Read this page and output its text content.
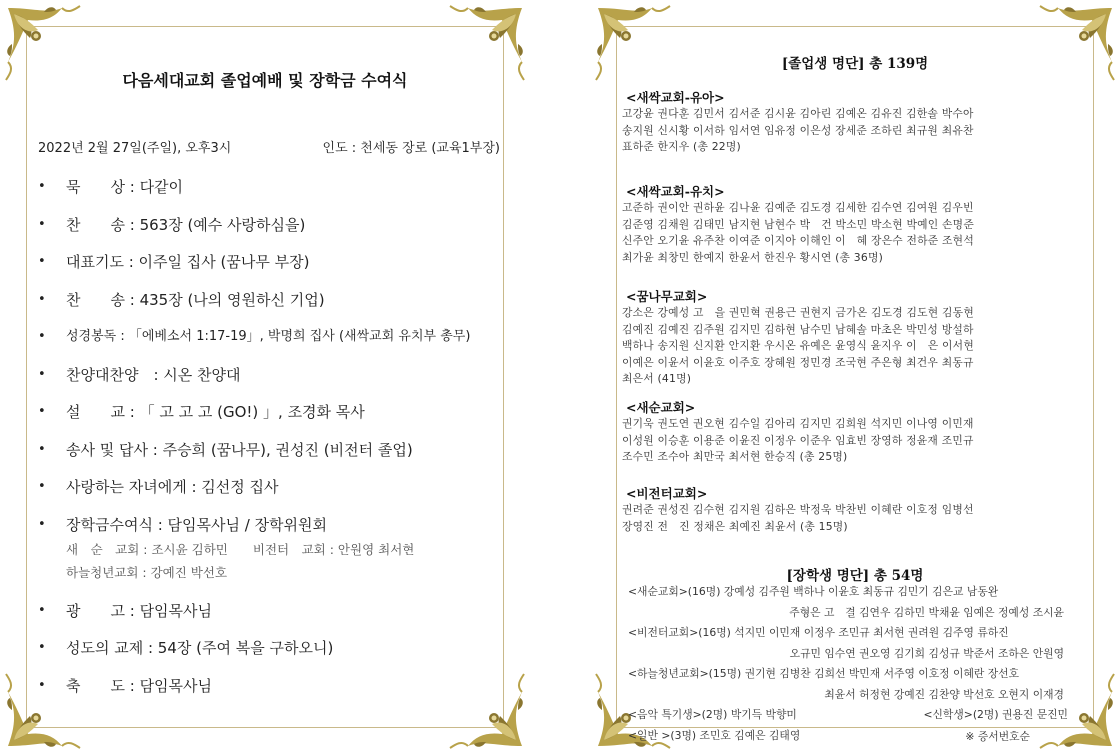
다음세대교회 졸업예배 및 장학금 수여식
2022년 2월 27일(주일), 오후3시	인도 : 천세동 장로 (교육1부장)
• 묵　　상 : 다같이
• 찬　　송 : 563장 (예수 사랑하심을)
• 대표기도 : 이주일 집사 (꿈나무 부장)
• 찬　　송 : 435장 (나의 영원하신 기업)
• 성경봉독 : 「에베소서 1:17-19」, 박명희 집사 (새싹교회 유치부 총무)
• 찬양대찬양　: 시온 찬양대
• 설　　교 : 「 고 고 고 (GO!) 」, 조경화 목사
• 송사 및 답사 : 주승희 (꿈나무), 권성진 (비전터 졸업)
• 사랑하는 자녀에게 : 김선정 집사
• 장학금수여식 : 담임목사님 / 장학위원회
새　순　교회 : 조시윤 김하민　　비전터　교회 : 안원영 최서현
하늘청년교회 : 강예진 박선호
• 광　　고 : 담임목사님
• 성도의 교제 : 54장 (주여 복을 구하오니)
• 축　　도 : 담임목사님
[졸업생 명단] 총 139명
<새싹교회-유아>
고강윤 권다훈 김민서 김서준 김시윤 김아린 김예온 김유진 김한솔 박수아
송지원 신시황 이서하 임서연 임유정 이은성 장세준 조하린 최규원 최유찬
표하준 한지우 (총 22명)
<새싹교회-유치>
고준하 권이안 권하윤 김나윤 김예준 김도경 김세한 김수연 김여원 김우빈
김준영 김채원 김태민 남지현 남현수 박　건 박소민 박소현 박예인 손명준
신주안 오기윤 유주찬 이여준 이지아 이해인 이　혜 장은수 전하준 조현석
최가윤 최창민 한예지 한윤서 한진우 황시연 (총 36명)
<꿈나무교회>
강소은 강예성 고　을 권민혁 권용근 권현지 금가온 김도경 김도현 김동현
김예진 김예진 김주원 김지민 김하현 남수민 남혜솔 마초은 박민성 방설하
백하나 송지원 신지환 안지환 우시온 유예은 윤영식 윤지우 이　은 이서현
이예은 이윤서 이윤호 이주호 장혜원 정민경 조국현 주은형 최건우 최동규
최은서 (41명)
<새순교회>
권기욱 권도연 권오현 김수일 김아리 김지민 김희원 석지민 이나영 이민재
이성원 이승훈 이용준 이윤진 이정우 이준우 임효빈 장영하 정윤재 조민규
조수민 조수아 최만국 최서현 한승직 (총 25명)
<비전터교회>
권려준 권성진 김수현 김지원 김하은 박정욱 박찬빈 이혜란 이호정 임병선
장영진 전　진 정채은 최예진 최윤서 (총 15명)
[장학생 명단] 총 54명
<새순교회>(16명) 강예성 김주원 백하나 이윤호 최동규 김민기 김은교 남동완
주형은 고　결 김연우 김하민 박채윤 임예은 정예성 조시윤
<비전터교회>(16명) 석지민 이민재 이정우 조민규 최서현 권려원 김주영 류하진
오규민 임수연 권오영 김기희 김성규 박준서 조하은 안원영
<하늘청년교회>(15명) 권기현 김병찬 김희선 박민재 서주영 이호정 이혜란 장선호
최윤서 허정현 강예진 김찬양 박선호 오현지 이재경
<음악 특기생>(2명) 박기득 박향미	<신학생>(2명) 권용진 문진민
<일반 >(3명) 조민호 김예은 김태영	※ 증서번호순
